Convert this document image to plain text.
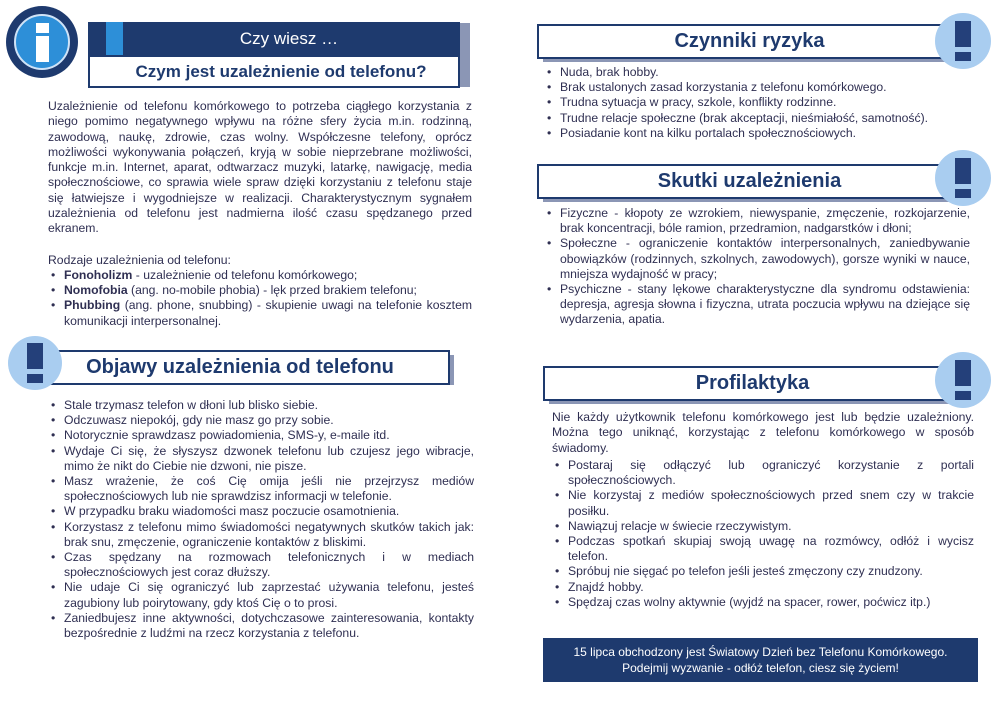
Czy wiesz …
Czym jest uzależnienie od telefonu?
Uzależnienie od telefonu komórkowego to potrzeba ciągłego korzystania z niego pomimo negatywnego wpływu na różne sfery życia m.in. rodzinną, zawodową, naukę, zdrowie, czas wolny. Współczesne telefony, oprócz możliwości wykonywania połączeń, kryją w sobie nieprzebrane możliwości, funkcje m.in. Internet, aparat, odtwarzacz muzyki, latarkę, nawigację, media społecznościowe, co sprawia wiele spraw dzięki korzystaniu z telefonu staje się łatwiejsze i wygodniejsze w realizacji. Charakterystycznym sygnałem uzależnienia od telefonu jest nadmierna ilość czasu spędzanego przed ekranem.
Rodzaje uzależnienia od telefonu:
• Fonoholizm - uzależnienie od telefonu komórkowego;
• Nomofobia (ang. no-mobile phobia) - lęk przed brakiem telefonu;
• Phubbing (ang. phone, snubbing) - skupienie uwagi na telefonie kosztem komunikacji interpersonalnej.
Objawy uzależnienia od telefonu
• Stale trzymasz telefon w dłoni lub blisko siebie.
• Odczuwasz niepokój, gdy nie masz go przy sobie.
• Notorycznie sprawdzasz powiadomienia, SMS-y, e-maile itd.
• Wydaje Ci się, że słyszysz dzwonek telefonu lub czujesz jego wibracje, mimo że nikt do Ciebie nie dzwoni, nie pisze.
• Masz wrażenie, że coś Cię omija jeśli nie przejrzysz mediów społecznościowych lub nie sprawdzisz informacji w telefonie.
• W przypadku braku wiadomości masz poczucie osamotnienia.
• Korzystasz z telefonu mimo świadomości negatywnych skutków takich jak: brak snu, zmęczenie, ograniczenie kontaktów z bliskimi.
• Czas spędzany na rozmowach telefonicznych i w mediach społecznościowych jest coraz dłuższy.
• Nie udaje Ci się ograniczyć lub zaprzestać używania telefonu, jesteś zagubiony lub poirytowany, gdy ktoś Cię o to prosi.
• Zaniedbujesz inne aktywności, dotychczasowe zainteresowania, kontakty bezpośrednie z ludźmi na rzecz korzystania z telefonu.
Czynniki ryzyka
• Nuda, brak hobby.
• Brak ustalonych zasad korzystania z telefonu komórkowego.
• Trudna sytuacja w pracy, szkole, konflikty rodzinne.
• Trudne relacje społeczne (brak akceptacji, nieśmiałość, samotność).
• Posiadanie kont na kilku portalach społecznościowych.
Skutki uzależnienia
• Fizyczne - kłopoty ze wzrokiem, niewyspanie, zmęczenie, rozkojarzenie, brak koncentracji, bóle ramion, przedramion, nadgarstków i dłoni;
• Społeczne - ograniczenie kontaktów interpersonalnych, zaniedbywanie obowiązków (rodzinnych, szkolnych, zawodowych), gorsze wyniki w nauce, mniejsza wydajność w pracy;
• Psychiczne - stany lękowe charakterystyczne dla syndromu odstawienia: depresja, agresja słowna i fizyczna, utrata poczucia wpływu na dziejące się wydarzenia, apatia.
Profilaktyka
Nie każdy użytkownik telefonu komórkowego jest lub będzie uzależniony. Można tego uniknąć, korzystając z telefonu komórkowego w sposób świadomy.
• Postaraj się odłączyć lub ograniczyć korzystanie z portali społecznościowych.
• Nie korzystaj z mediów społecznościowych przed snem czy w trakcie posiłku.
• Nawiązuj relacje w świecie rzeczywistym.
• Podczas spotkań skupiaj swoją uwagę na rozmówcy, odłóż i wycisz telefon.
• Spróbuj nie sięgać po telefon jeśli jesteś zmęczony czy znudzony.
• Znajdź hobby.
• Spędzaj czas wolny aktywnie (wyjdź na spacer, rower, poćwicz itp.)
15 lipca obchodzony jest Światowy Dzień bez Telefonu Komórkowego.
Podejmij wyzwanie - odłóż telefon, ciesz się życiem!
